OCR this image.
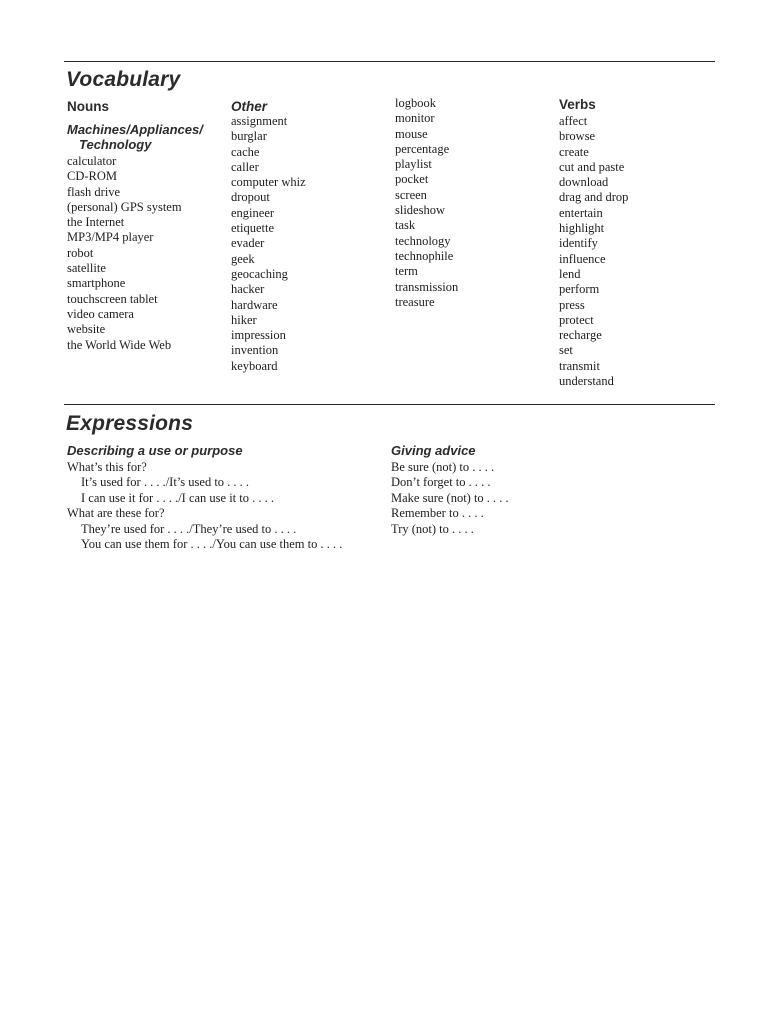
Vocabulary
Nouns
Machines/Appliances/
Technology
calculator
CD-ROM
flash drive
(personal) GPS system
the Internet
MP3/MP4 player
robot
satellite
smartphone
touchscreen tablet
video camera
website
the World Wide Web
Other
assignment
burglar
cache
caller
computer whiz
dropout
engineer
etiquette
evader
geek
geocaching
hacker
hardware
hiker
impression
invention
keyboard
logbook
monitor
mouse
percentage
playlist
pocket
screen
slideshow
task
technology
technophile
term
transmission
treasure
Verbs
affect
browse
create
cut and paste
download
drag and drop
entertain
highlight
identify
influence
lend
perform
press
protect
recharge
set
transmit
understand
Expressions
Describing a use or purpose
What’s this for?
It’s used for . . . ./It’s used to . . . .
I can use it for . . . ./I can use it to . . . .
What are these for?
They’re used for . . . ./They’re used to . . . .
You can use them for . . . ./You can use them to . . . .
Giving advice
Be sure (not) to . . . .
Don’t forget to . . . .
Make sure (not) to . . . .
Remember to . . . .
Try (not) to . . . .
